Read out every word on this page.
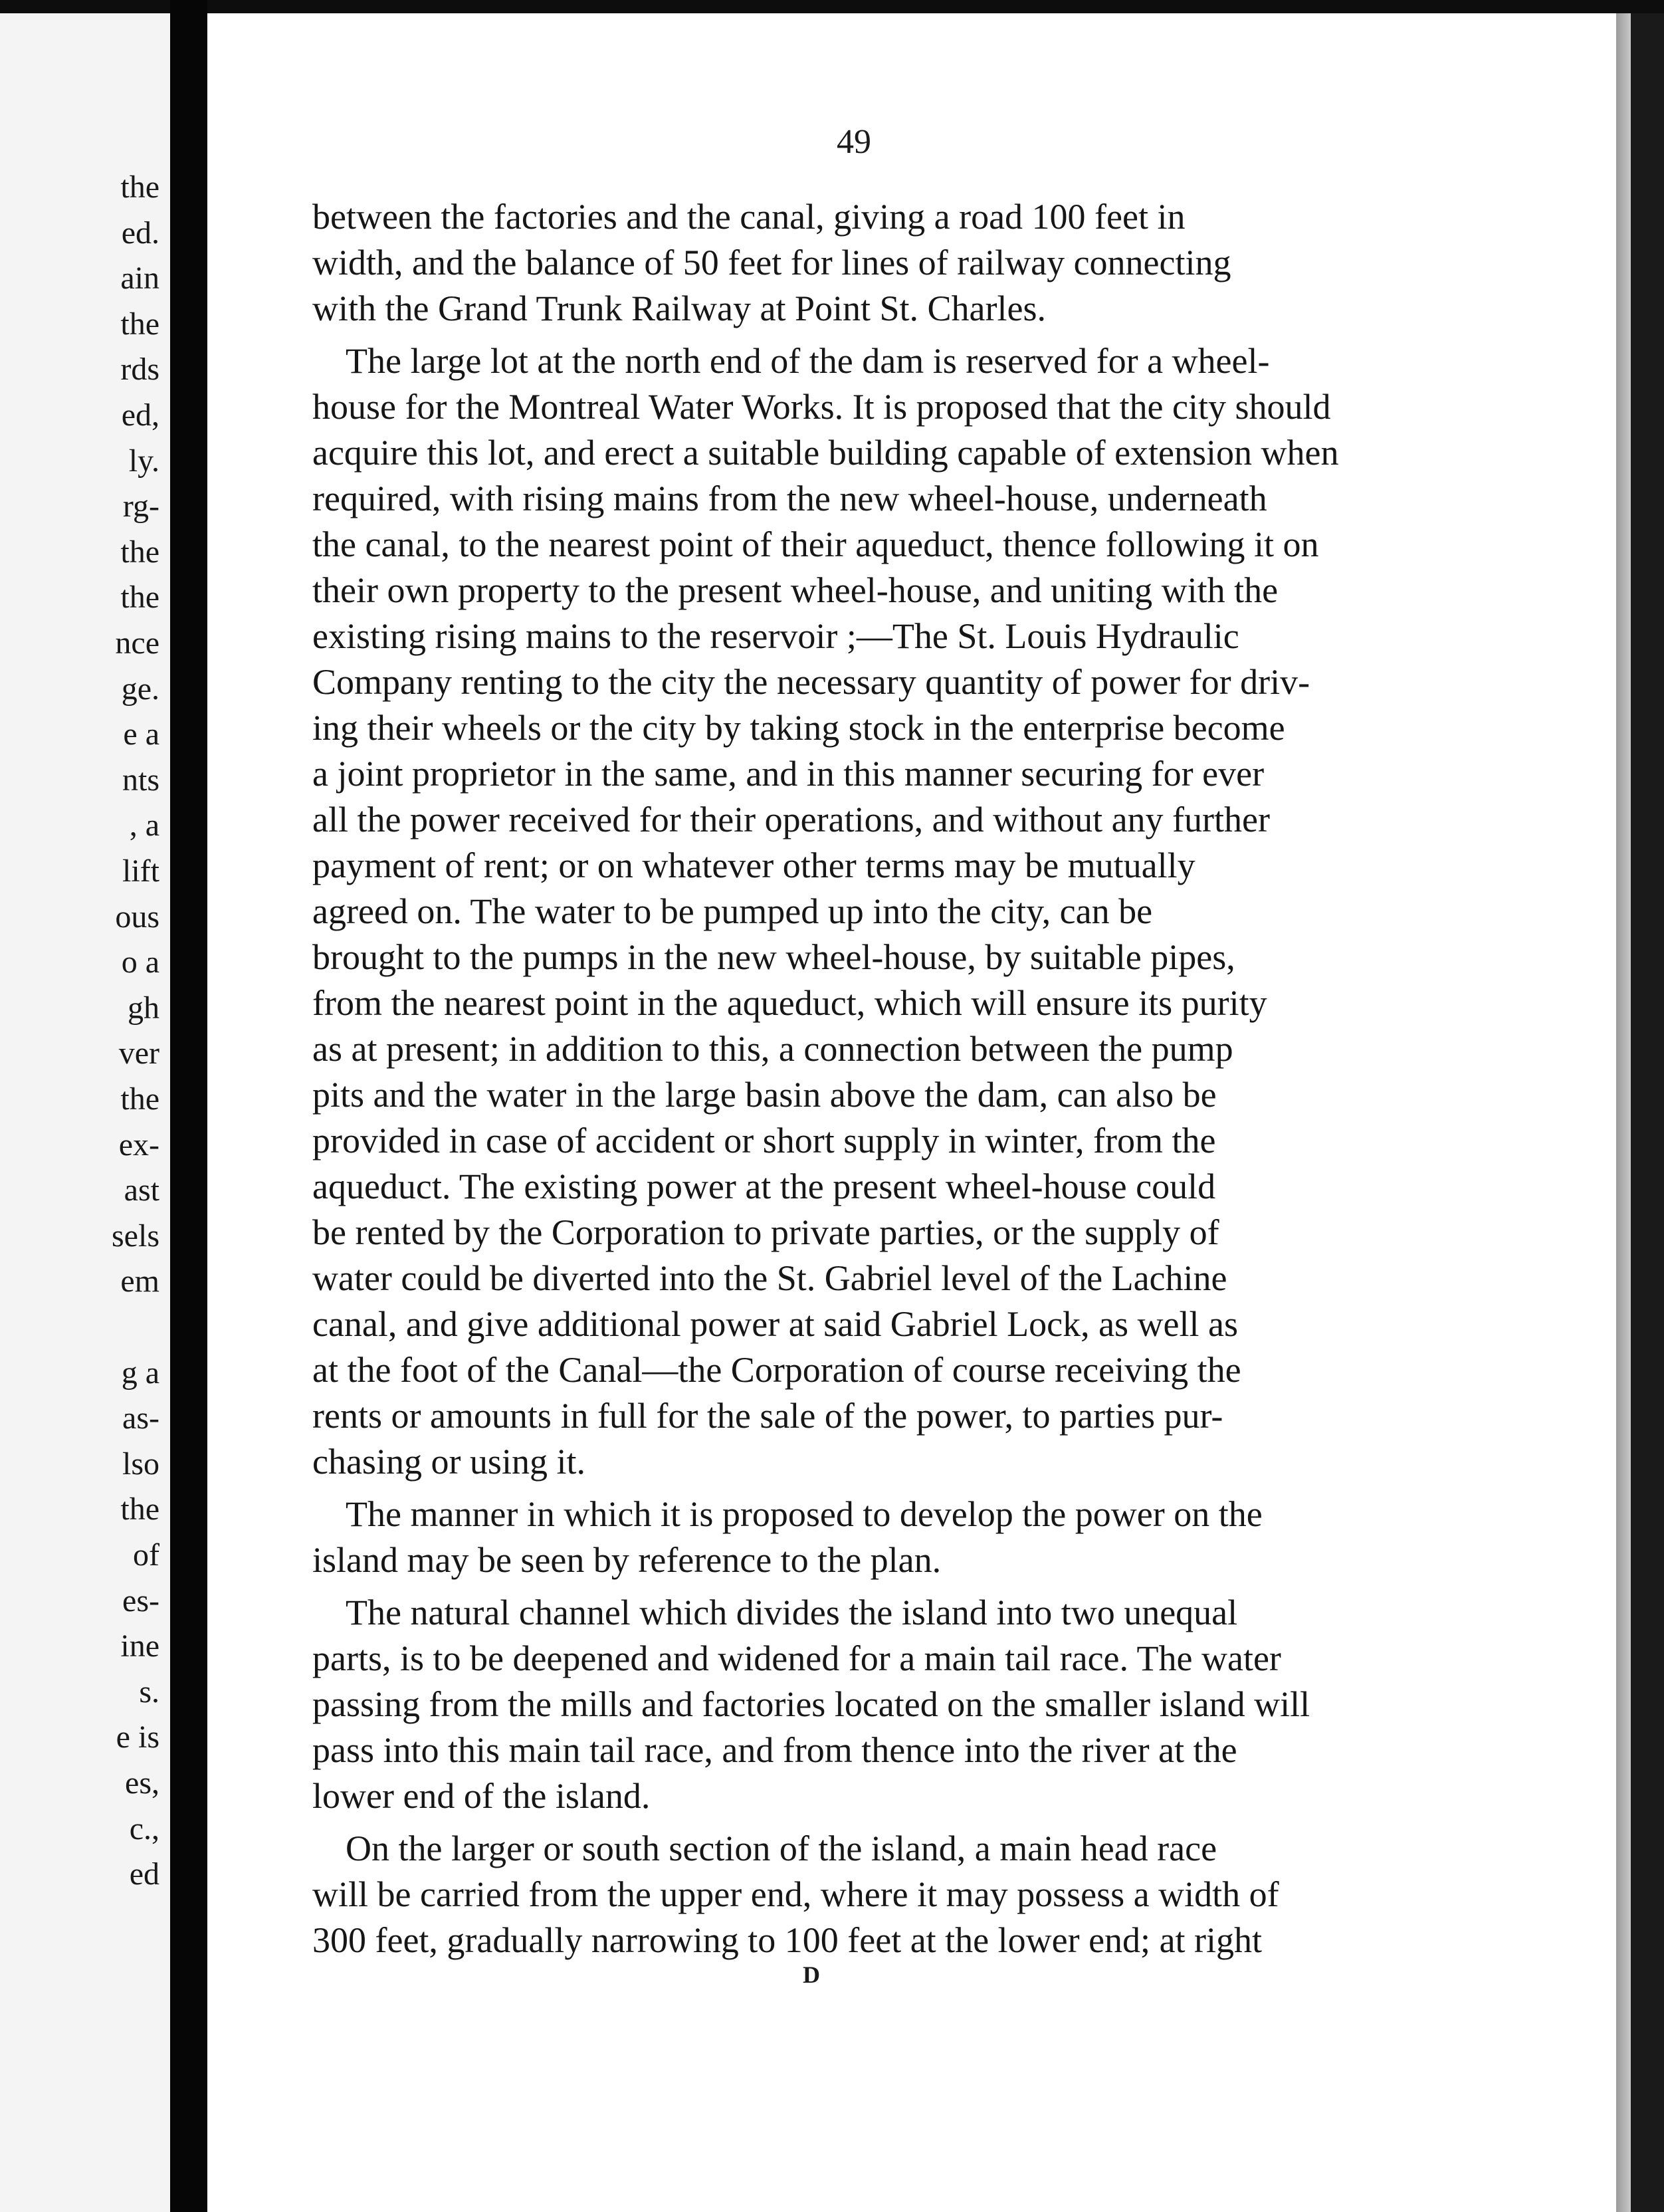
the
ed.
ain
the
rds
ed,
ly.
rg-
the
the
nce
ge.
e a
nts
, a
lift
ous
o a
gh
ver
the
ex-
ast
sels
em
g a
as-
lso
the
of
es-
ine
s.
e is
es,
c.,
ed
49
between the factories and the canal, giving a road 100 feet in
width, and the balance of 50 feet for lines of railway connecting
with the Grand Trunk Railway at Point St. Charles.
The large lot at the north end of the dam is reserved for a wheel-
house for the Montreal Water Works. It is proposed that the city should
acquire this lot, and erect a suitable building capable of extension when
required, with rising mains from the new wheel-house, underneath
the canal, to the nearest point of their aqueduct, thence following it on
their own property to the present wheel-house, and uniting with the
existing rising mains to the reservoir ;—The St. Louis Hydraulic
Company renting to the city the necessary quantity of power for driv-
ing their wheels or the city by taking stock in the enterprise become
a joint proprietor in the same, and in this manner securing for ever
all the power received for their operations, and without any further
payment of rent; or on whatever other terms may be mutually
agreed on. The water to be pumped up into the city, can be
brought to the pumps in the new wheel-house, by suitable pipes,
from the nearest point in the aqueduct, which will ensure its purity
as at present; in addition to this, a connection between the pump
pits and the water in the large basin above the dam, can also be
provided in case of accident or short supply in winter, from the
aqueduct. The existing power at the present wheel-house could
be rented by the Corporation to private parties, or the supply of
water could be diverted into the St. Gabriel level of the Lachine
canal, and give additional power at said Gabriel Lock, as well as
at the foot of the Canal—the Corporation of course receiving the
rents or amounts in full for the sale of the power, to parties pur-
chasing or using it.
The manner in which it is proposed to develop the power on the
island may be seen by reference to the plan.
The natural channel which divides the island into two unequal
parts, is to be deepened and widened for a main tail race. The water
passing from the mills and factories located on the smaller island will
pass into this main tail race, and from thence into the river at the
lower end of the island.
On the larger or south section of the island, a main head race
will be carried from the upper end, where it may possess a width of
300 feet, gradually narrowing to 100 feet at the lower end; at right
D
